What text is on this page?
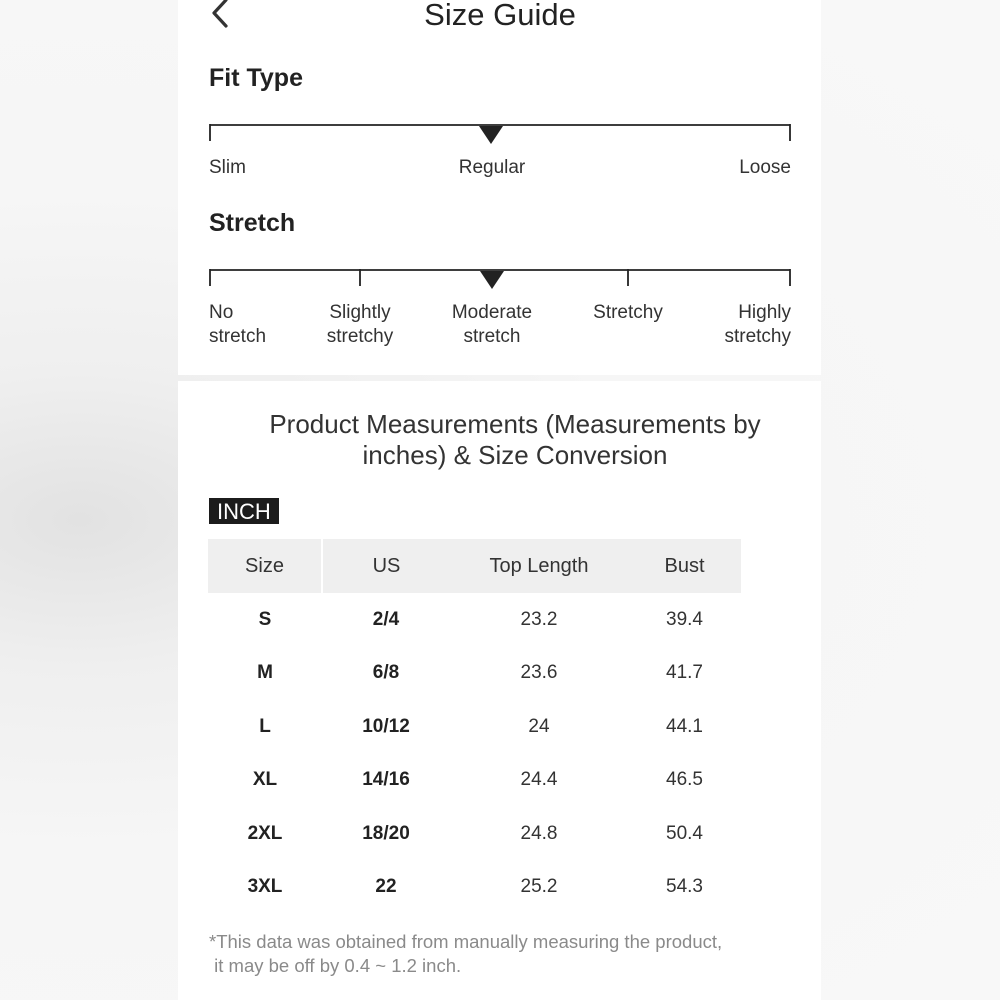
Size Guide
Fit Type
Slim	Regular	Loose
Stretch
No
stretch
Slightly
stretchy
Moderate
stretch
Stretchy	Highly
stretchy
Product Measurements (Measurements by
inches) & Size Conversion
INCH
Size	US	Top Length	Bust
S	2/4	23.2	39.4
M	6/8	23.6	41.7
L	10/12	24	44.1
XL	14/16	24.4	46.5
2XL	18/20	24.8	50.4
3XL	22	25.2	54.3
*This data was obtained from manually measuring the product,
it may be off by 0.4 ~ 1.2 inch.
